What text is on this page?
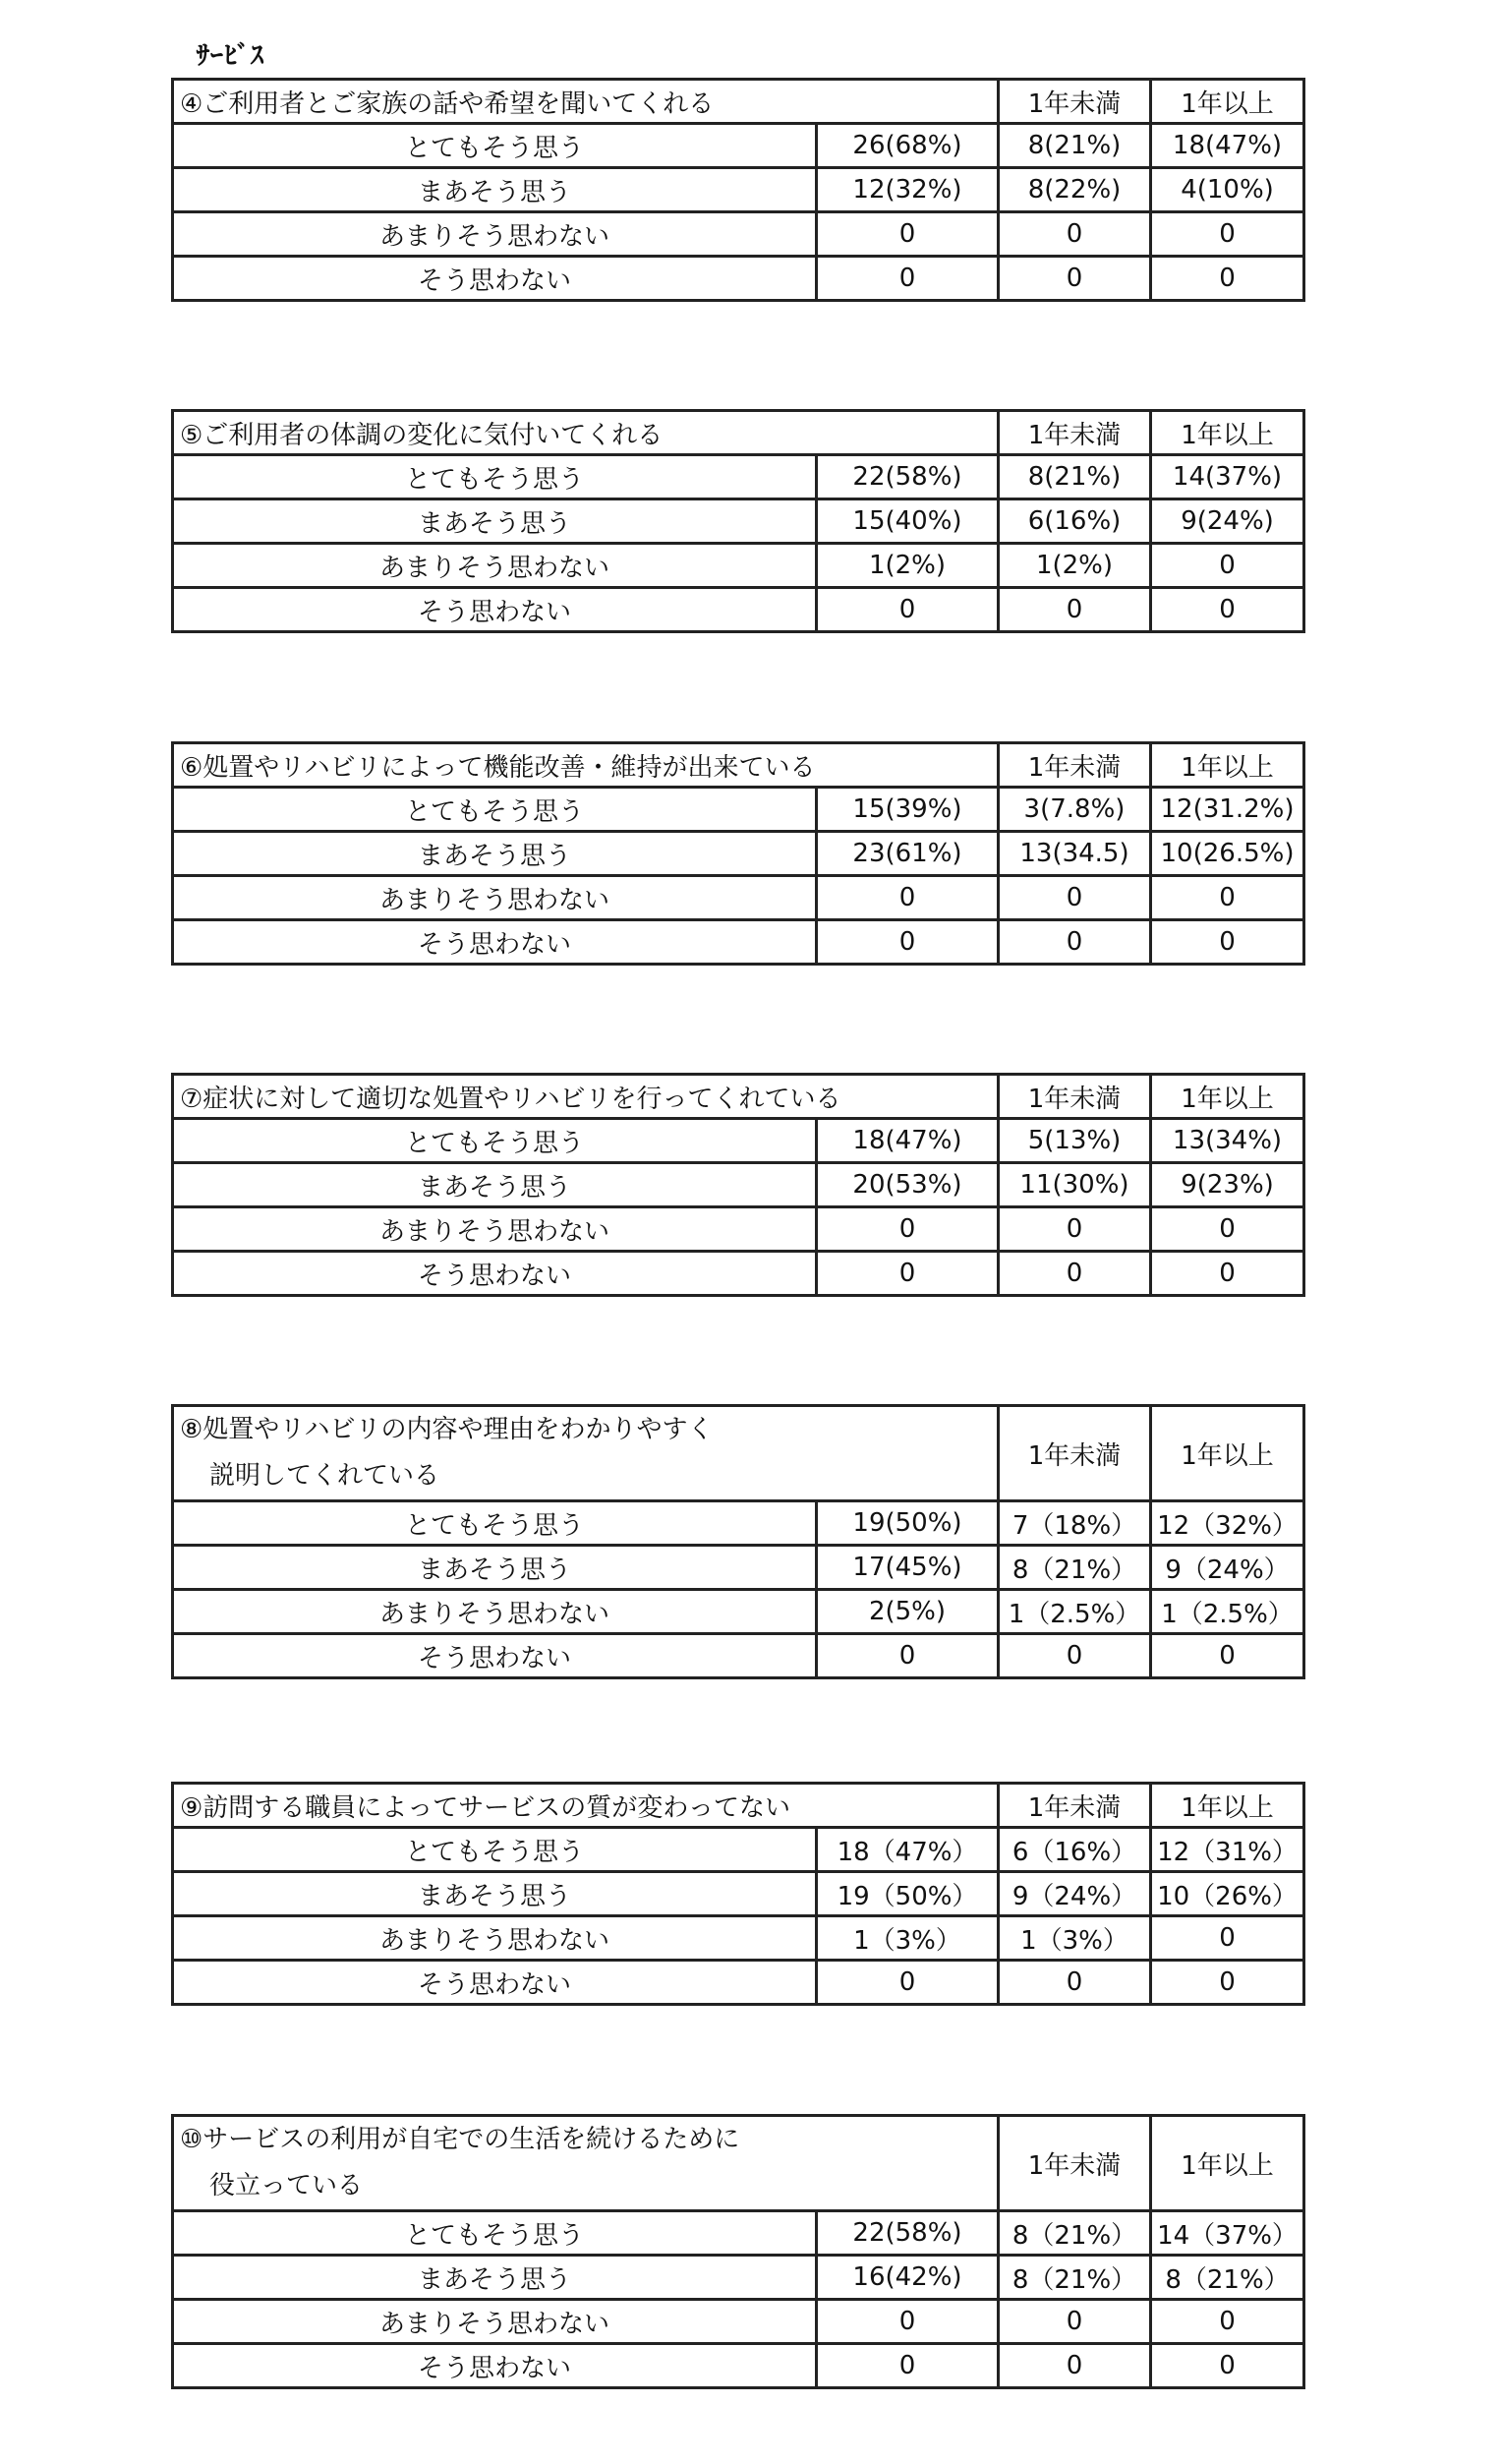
ｻｰﾋﾞｽ
④ご利用者とご家族の話や希望を聞いてくれる		1年未満	1年以上
とてもそう思う	26(68%)	8(21%)	18(47%)
まあそう思う	12(32%)	8(22%)	4(10%)
あまりそう思わない	0	0	0
そう思わない	0	0	0
⑤ご利用者の体調の変化に気付いてくれる		1年未満	1年以上
とてもそう思う	22(58%)	8(21%)	14(37%)
まあそう思う	15(40%)	6(16%)	9(24%)
あまりそう思わない	1(2%)	1(2%)	0
そう思わない	0	0	0
⑥処置やリハビリによって機能改善・維持が出来ている		1年未満	1年以上
とてもそう思う	15(39%)	3(7.8%)	12(31.2%)
まあそう思う	23(61%)	13(34.5)	10(26.5%)
あまりそう思わない	0	0	0
そう思わない	0	0	0
⑦症状に対して適切な処置やリハビリを行ってくれている		1年未満	1年以上
とてもそう思う	18(47%)	5(13%)	13(34%)
まあそう思う	20(53%)	11(30%)	9(23%)
あまりそう思わない	0	0	0
そう思わない	0	0	0
⑧処置やリハビリの内容や理由をわかりやすく
説明してくれている		1年未満	1年以上
とてもそう思う	19(50%)	7（18%）	12（32%）
まあそう思う	17(45%)	8（21%）	9（24%）
あまりそう思わない	2(5%)	1（2.5%）	1（2.5%）
そう思わない	0	0	0
⑨訪問する職員によってサービスの質が変わってない		1年未満	1年以上
とてもそう思う	18（47%）	6（16%）	12（31%）
まあそう思う	19（50%）	9（24%）	10（26%）
あまりそう思わない	1（3%）	1（3%）	0
そう思わない	0	0	0
⑩サービスの利用が自宅での生活を続けるために
役立っている		1年未満	1年以上
とてもそう思う	22(58%)	8（21%）	14（37%）
まあそう思う	16(42%)	8（21%）	8（21%）
あまりそう思わない	0	0	0
そう思わない	0	0	0
